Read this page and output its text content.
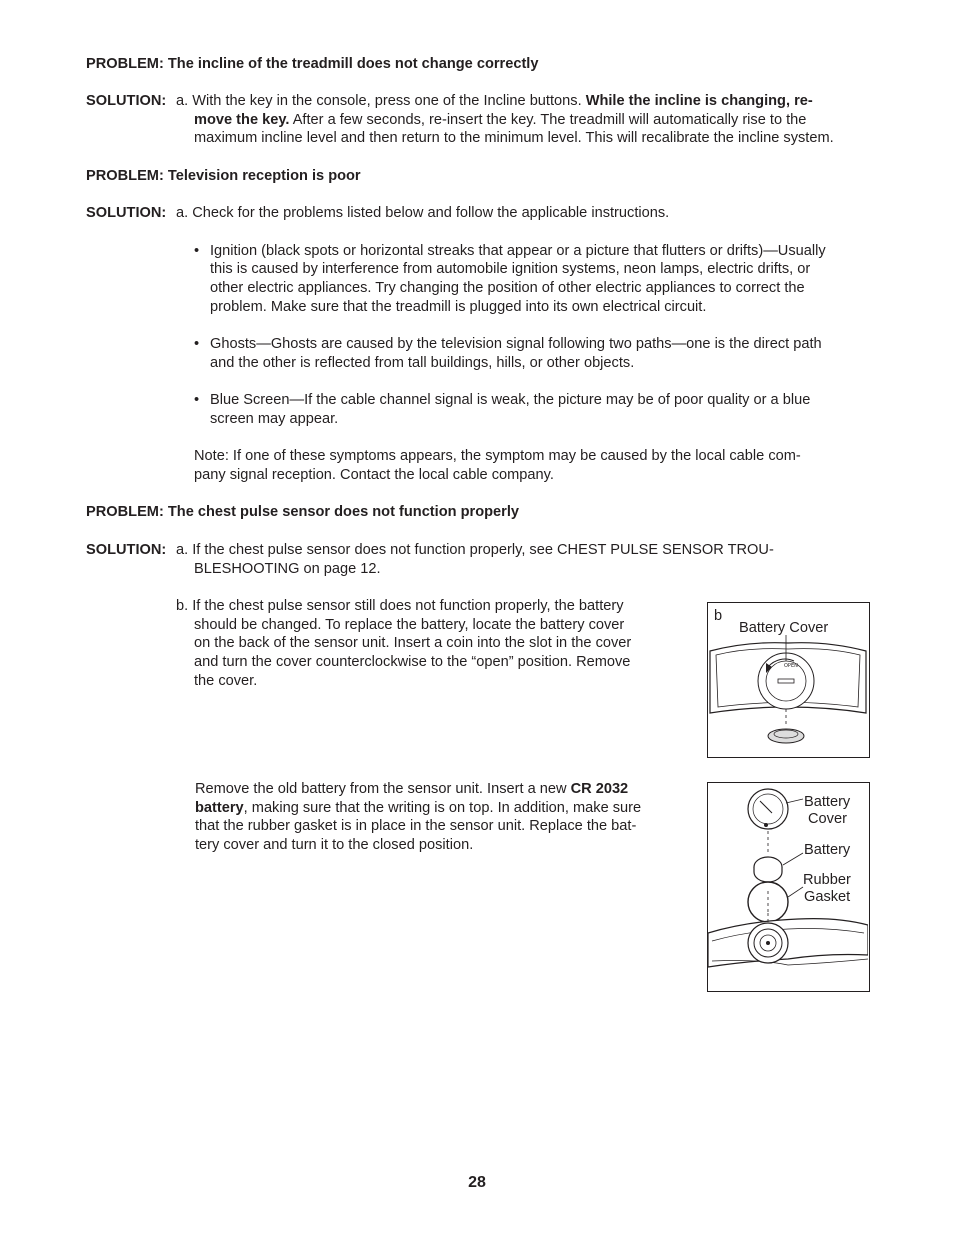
PROBLEM: The incline of the treadmill does not change correctly

SOLUTION: a. With the key in the console, press one of the Incline buttons. While the incline is changing, re-

move the key. After a few seconds, re-insert the key. The treadmill will automatically rise to the

maximum incline level and then return to the minimum level. This will recalibrate the incline system.

PROBLEM: Television reception is poor

SOLUTION: a. Check for the problems listed below and follow the applicable instructions.

• Ignition (black spots or horizontal streaks that appear or a picture that flutters or drifts)—Usually

this is caused by interference from automobile ignition systems, neon lamps, electric drifts, or

other electric appliances. Try changing the position of other electric appliances to correct the

problem. Make sure that the treadmill is plugged into its own electrical circuit.

• Ghosts—Ghosts are caused by the television signal following two paths—one is the direct path

and the other is reflected from tall buildings, hills, or other objects.

• Blue Screen—If the cable channel signal is weak, the picture may be of poor quality or a blue

screen may appear.

Note: If one of these symptoms appears, the symptom may be caused by the local cable com-

pany signal reception. Contact the local cable company.

PROBLEM: The chest pulse sensor does not function properly

SOLUTION: a. If the chest pulse sensor does not function properly, see CHEST PULSE SENSOR TROU-

BLESHOOTING on page 12.

b. If the chest pulse sensor still does not function properly, the battery

should be changed. To replace the battery, locate the battery cover

on the back of the sensor unit. Insert a coin into the slot in the cover

and turn the cover counterclockwise to the “open” position. Remove

the cover.

Remove the old battery from the sensor unit. Insert a new CR 2032

battery, making sure that the writing is on top. In addition, make sure

that the rubber gasket is in place in the sensor unit. Replace the bat-

tery cover and turn it to the closed position.

OPEN

b

Battery Cover

Battery

Cover

Battery

Rubber

Gasket

28
